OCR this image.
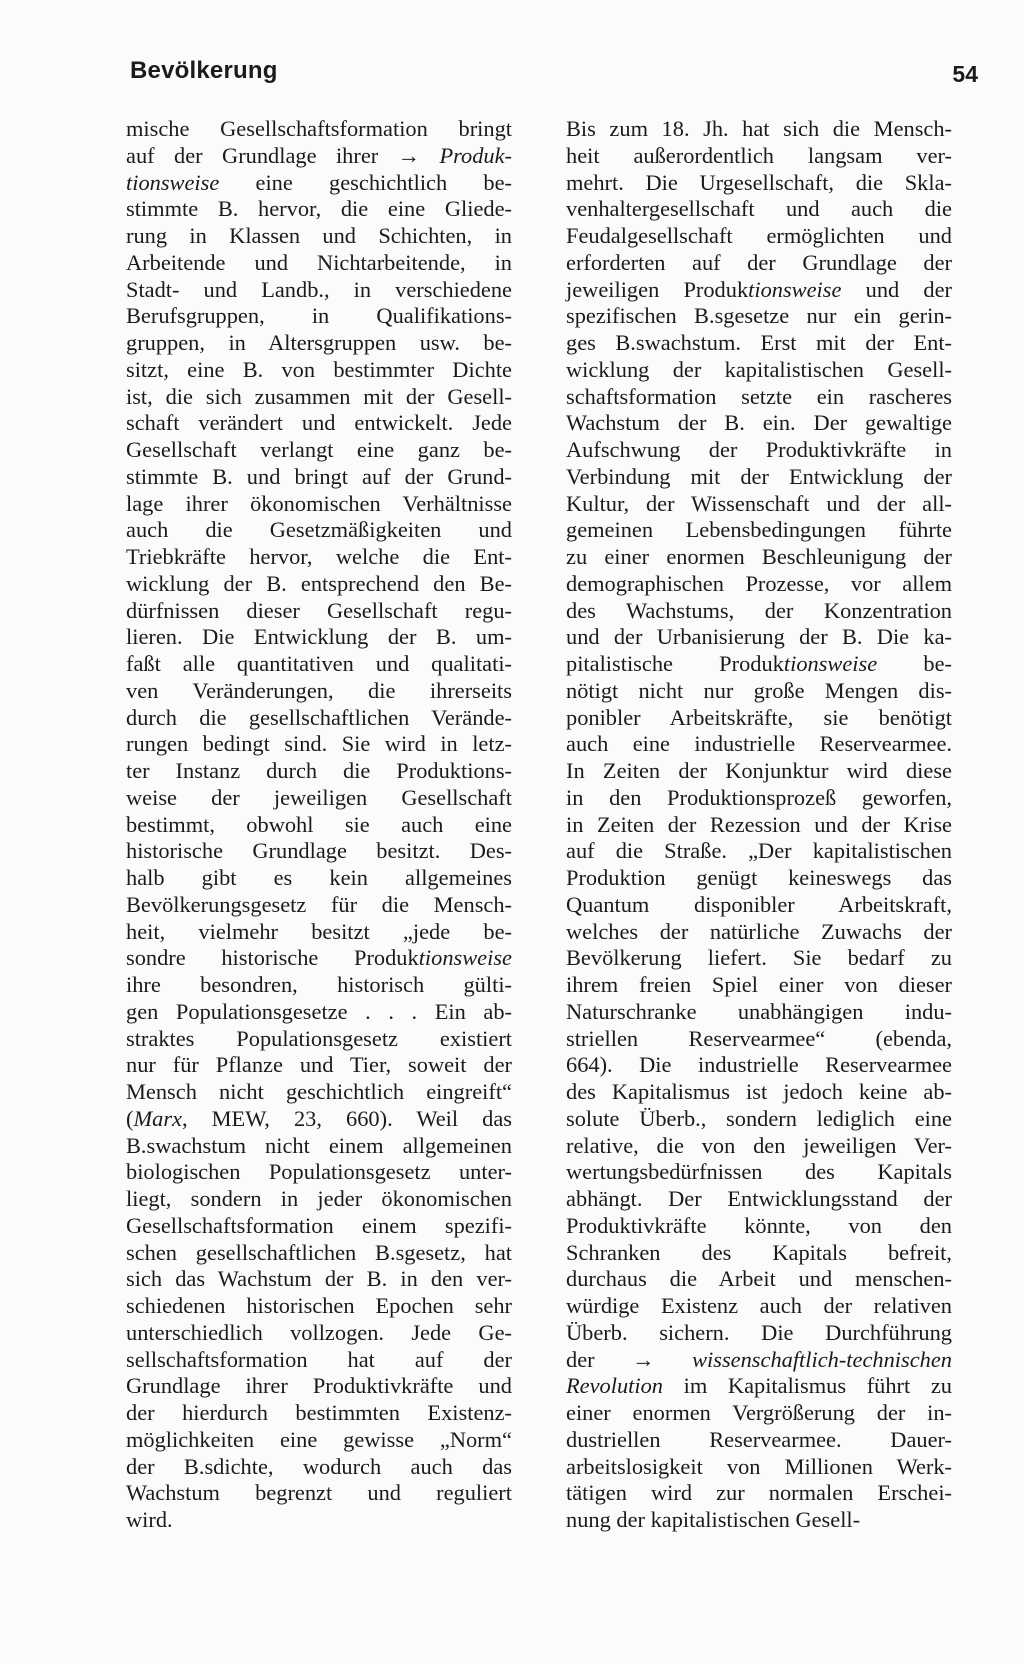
Bevölkerung	54
mische Gesellschaftsformation bringt
auf der Grundlage ihrer → Produk-
tionsweise eine geschichtlich be-
stimmte B. hervor, die eine Gliede-
rung in Klassen und Schichten, in
Arbeitende und Nichtarbeitende, in
Stadt- und Landb., in verschiedene
Berufsgruppen, in Qualifikations-
gruppen, in Altersgruppen usw. be-
sitzt, eine B. von bestimmter Dichte
ist, die sich zusammen mit der Gesell-
schaft verändert und entwickelt. Jede
Gesellschaft verlangt eine ganz be-
stimmte B. und bringt auf der Grund-
lage ihrer ökonomischen Verhältnisse
auch die Gesetzmäßigkeiten und
Triebkräfte hervor, welche die Ent-
wicklung der B. entsprechend den Be-
dürfnissen dieser Gesellschaft regu-
lieren. Die Entwicklung der B. um-
faßt alle quantitativen und qualitati-
ven Veränderungen, die ihrerseits
durch die gesellschaftlichen Verände-
rungen bedingt sind. Sie wird in letz-
ter Instanz durch die Produktions-
weise der jeweiligen Gesellschaft
bestimmt, obwohl sie auch eine
historische Grundlage besitzt. Des-
halb gibt es kein allgemeines
Bevölkerungsgesetz für die Mensch-
heit, vielmehr besitzt „jede be-
sondre historische Produktionsweise
ihre besondren, historisch gülti-
gen Populationsgesetze . . . Ein ab-
straktes Populationsgesetz existiert
nur für Pflanze und Tier, soweit der
Mensch nicht geschichtlich eingreift“
(Marx, MEW, 23, 660). Weil das
B.swachstum nicht einem allgemeinen
biologischen Populationsgesetz unter-
liegt, sondern in jeder ökonomischen
Gesellschaftsformation einem spezifi-
schen gesellschaftlichen B.sgesetz, hat
sich das Wachstum der B. in den ver-
schiedenen historischen Epochen sehr
unterschiedlich vollzogen. Jede Ge-
sellschaftsformation hat auf der
Grundlage ihrer Produktivkräfte und
der hierdurch bestimmten Existenz-
möglichkeiten eine gewisse „Norm“
der B.sdichte, wodurch auch das
Wachstum begrenzt und reguliert
wird.
Bis zum 18. Jh. hat sich die Mensch-
heit außerordentlich langsam ver-
mehrt. Die Urgesellschaft, die Skla-
venhaltergesellschaft und auch die
Feudalgesellschaft ermöglichten und
erforderten auf der Grundlage der
jeweiligen Produktionsweise und der
spezifischen B.sgesetze nur ein gerin-
ges B.swachstum. Erst mit der Ent-
wicklung der kapitalistischen Gesell-
schaftsformation setzte ein rascheres
Wachstum der B. ein. Der gewaltige
Aufschwung der Produktivkräfte in
Verbindung mit der Entwicklung der
Kultur, der Wissenschaft und der all-
gemeinen Lebensbedingungen führte
zu einer enormen Beschleunigung der
demographischen Prozesse, vor allem
des Wachstums, der Konzentration
und der Urbanisierung der B. Die ka-
pitalistische Produktionsweise be-
nötigt nicht nur große Mengen dis-
ponibler Arbeitskräfte, sie benötigt
auch eine industrielle Reservearmee.
In Zeiten der Konjunktur wird diese
in den Produktionsprozeß geworfen,
in Zeiten der Rezession und der Krise
auf die Straße. „Der kapitalistischen
Produktion genügt keineswegs das
Quantum disponibler Arbeitskraft,
welches der natürliche Zuwachs der
Bevölkerung liefert. Sie bedarf zu
ihrem freien Spiel einer von dieser
Naturschranke unabhängigen indu-
striellen Reservearmee“ (ebenda,
664). Die industrielle Reservearmee
des Kapitalismus ist jedoch keine ab-
solute Überb., sondern lediglich eine
relative, die von den jeweiligen Ver-
wertungsbedürfnissen des Kapitals
abhängt. Der Entwicklungsstand der
Produktivkräfte könnte, von den
Schranken des Kapitals befreit,
durchaus die Arbeit und menschen-
würdige Existenz auch der relativen
Überb. sichern. Die Durchführung
der → wissenschaftlich-technischen
Revolution im Kapitalismus führt zu
einer enormen Vergrößerung der in-
dustriellen Reservearmee. Dauer-
arbeitslosigkeit von Millionen Werk-
tätigen wird zur normalen Erschei-
nung der kapitalistischen Gesell-
